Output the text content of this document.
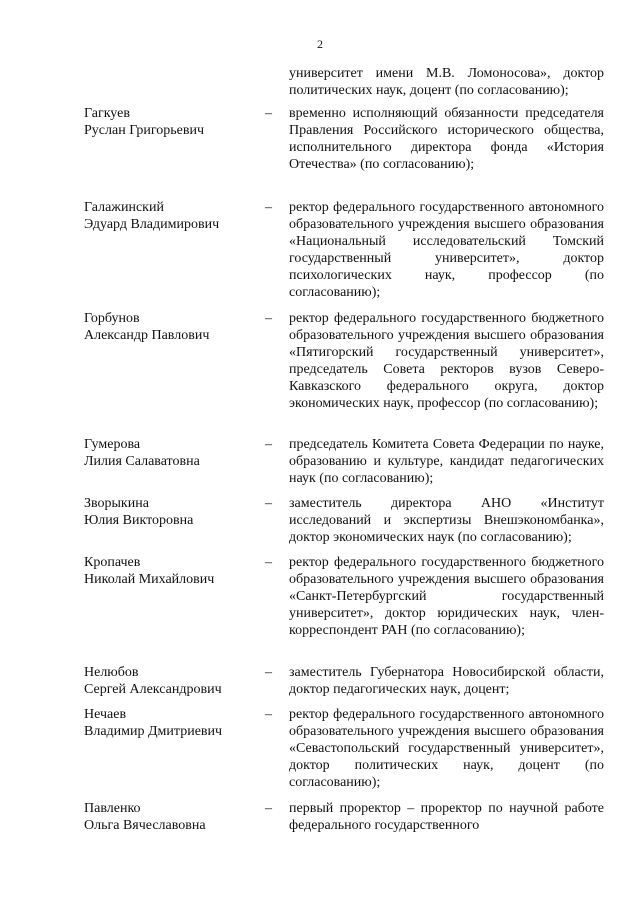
2
университет имени М.В. Ломоносова», доктор политических наук, доцент (по согласованию);
Гагкуев
Руслан Григорьевич
– временно исполняющий обязанности председателя Правления Российского исторического общества, исполнительного директора фонда «История Отечества» (по согласованию);
Галажинский
Эдуард Владимирович
– ректор федерального государственного автономного образовательного учреждения высшего образования «Национальный исследовательский Томский государственный университет», доктор психологических наук, профессор (по согласованию);
Горбунов
Александр Павлович
– ректор федерального государственного бюджетного образовательного учреждения высшего образования «Пятигорский государственный университет», председатель Совета ректоров вузов Северо-Кавказского федерального округа, доктор экономических наук, профессор (по согласованию);
Гумерова
Лилия Салаватовна
– председатель Комитета Совета Федерации по науке, образованию и культуре, кандидат педагогических наук (по согласованию);
Зворыкина
Юлия Викторовна
– заместитель директора АНО «Институт исследований и экспертизы Внешэкономбанка», доктор экономических наук (по согласованию);
Кропачев
Николай Михайлович
– ректор федерального государственного бюджетного образовательного учреждения высшего образования «Санкт-Петербургский государственный университет», доктор юридических наук, член-корреспондент РАН (по согласованию);
Нелюбов
Сергей Александрович
– заместитель Губернатора Новосибирской области, доктор педагогических наук, доцент;
Нечаев
Владимир Дмитриевич
– ректор федерального государственного автономного образовательного учреждения высшего образования «Севастопольский государственный университет», доктор политических наук, доцент (по согласованию);
Павленко
Ольга Вячеславовна
– первый проректор – проректор по научной работе федерального государственного
